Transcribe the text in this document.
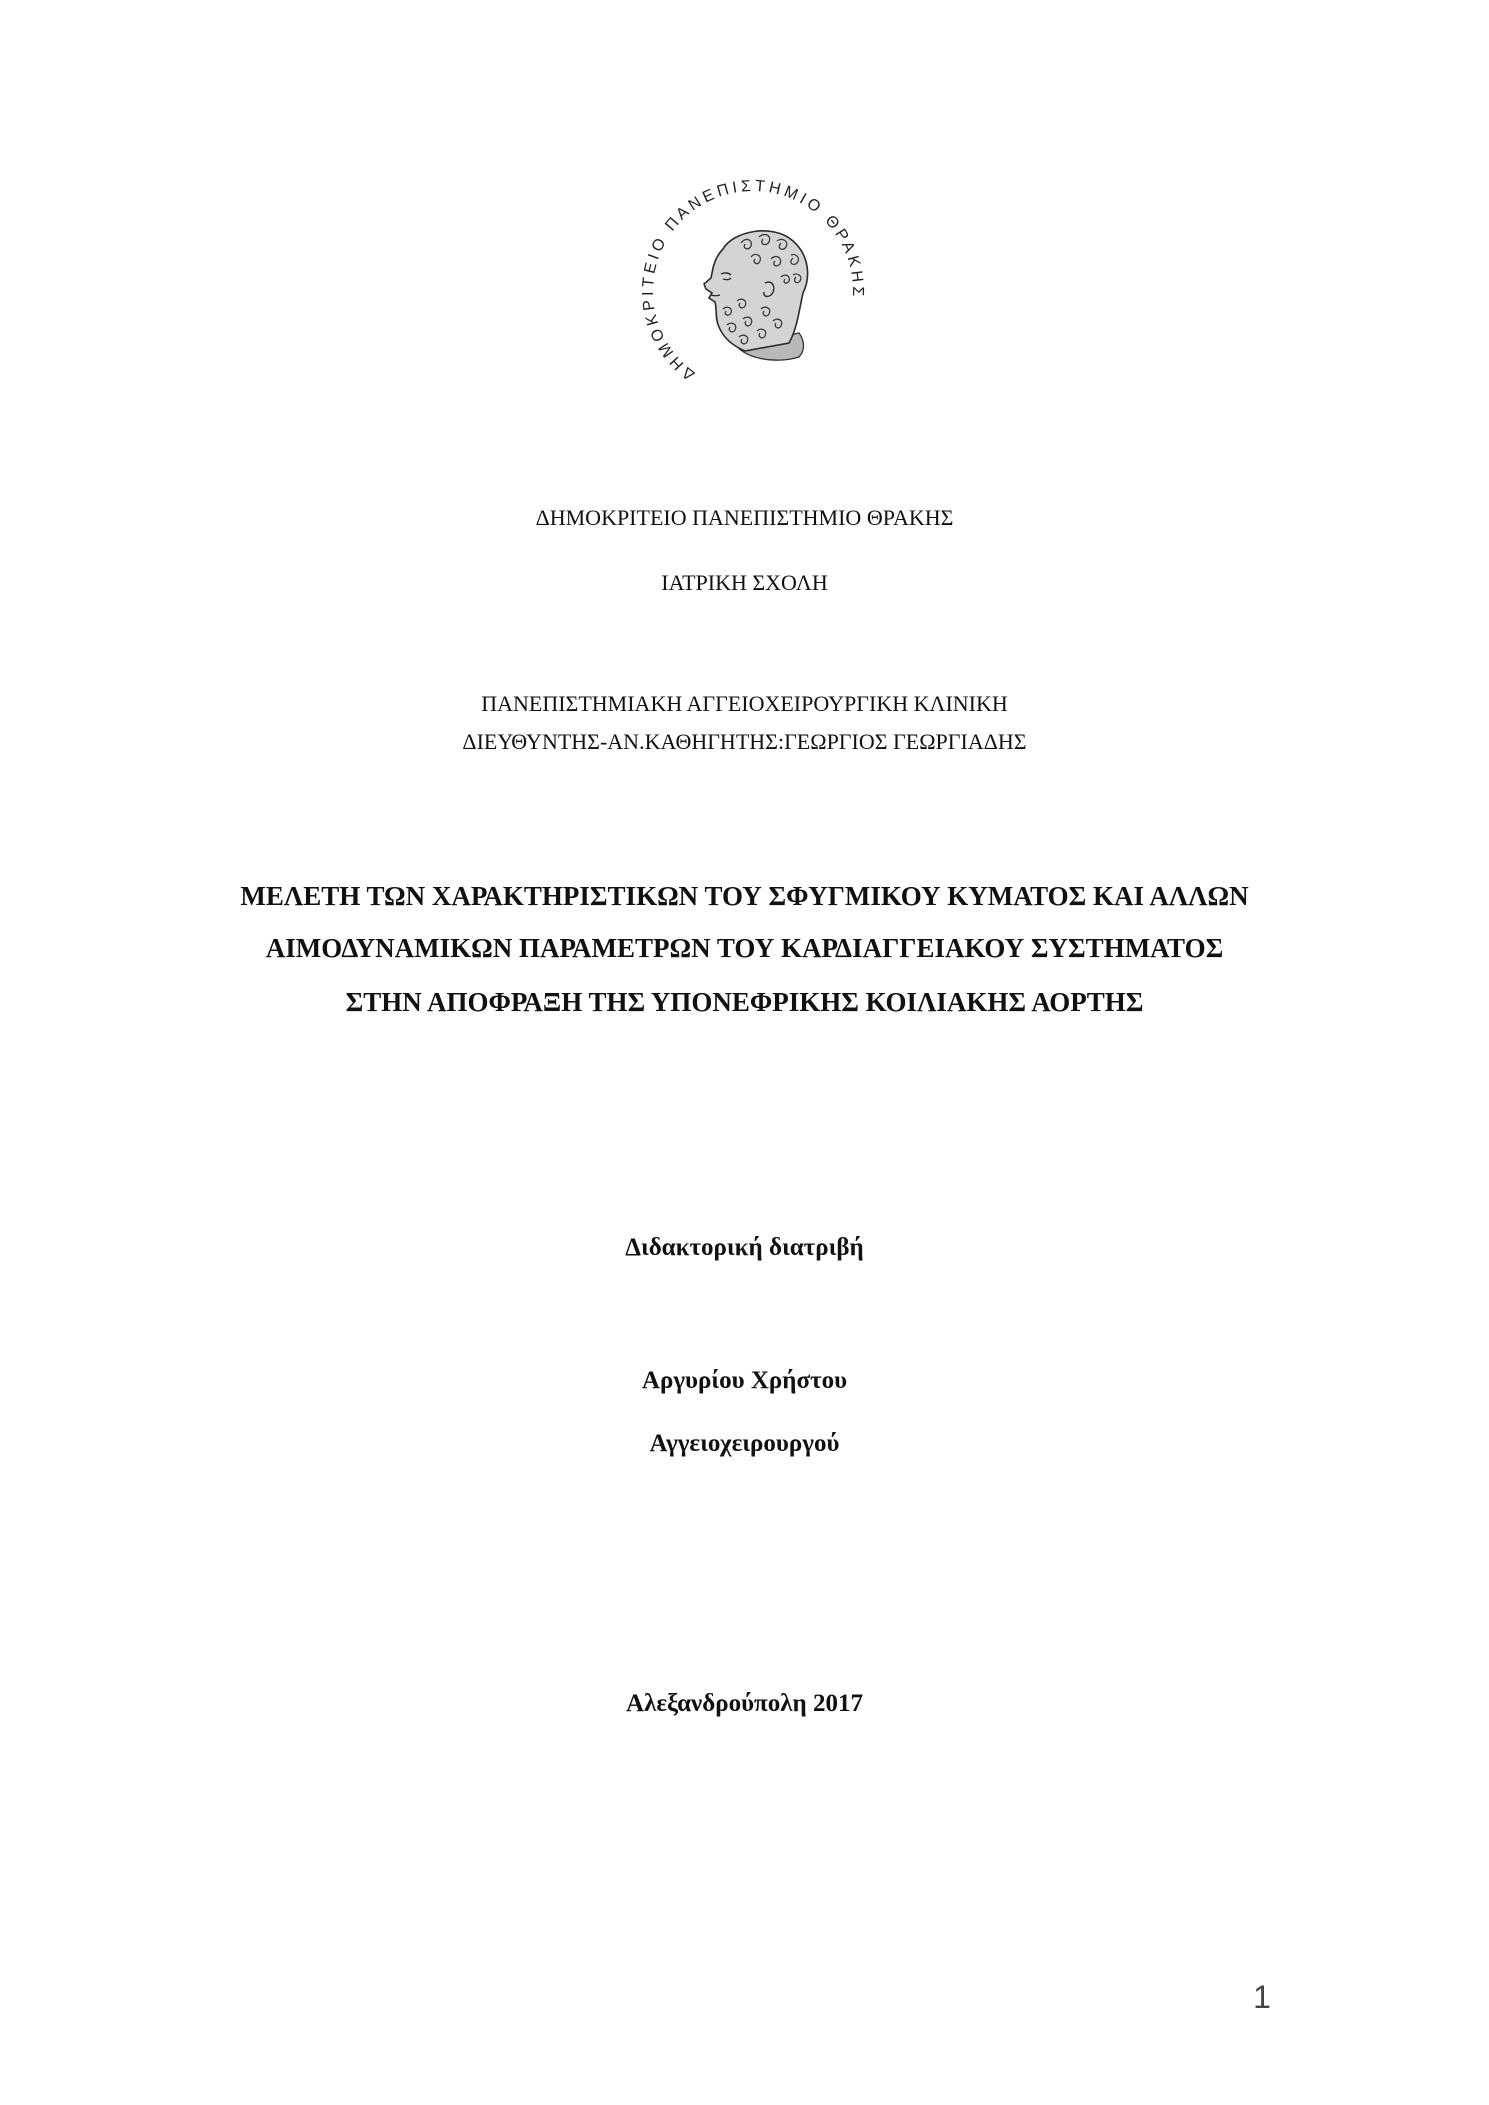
ΔΗΜΟΚΡΙΤΕΙΟ ΠΑΝΕΠΙΣΤΗΜΙΟ ΘΡΑΚΗΣ
ΔΗΜΟΚΡΙΤΕΙΟ ΠΑΝΕΠΙΣΤΗΜΙΟ ΘΡΑΚΗΣ
ΙΑΤΡΙΚΗ ΣΧΟΛΗ
ΠΑΝΕΠΙΣΤΗΜΙΑΚΗ ΑΓΓΕΙΟΧΕΙΡΟΥΡΓΙΚΗ ΚΛΙΝΙΚΗ
ΔΙΕΥΘΥΝΤΗΣ-ΑΝ.ΚΑΘΗΓΗΤΗΣ:ΓΕΩΡΓΙΟΣ ΓΕΩΡΓΙΑΔΗΣ
ΜΕΛΕΤΗ ΤΩΝ ΧΑΡΑΚΤΗΡΙΣΤΙΚΩΝ ΤΟΥ ΣΦΥΓΜΙΚΟΥ ΚΥΜΑΤΟΣ ΚΑΙ ΑΛΛΩΝ
ΑΙΜΟΔΥΝΑΜΙΚΩΝ ΠΑΡΑΜΕΤΡΩΝ ΤΟΥ ΚΑΡΔΙΑΓΓΕΙΑΚΟΥ ΣΥΣΤΗΜΑΤΟΣ
ΣΤΗΝ ΑΠΟΦΡΑΞΗ ΤΗΣ ΥΠΟΝΕΦΡΙΚΗΣ ΚΟΙΛΙΑΚΗΣ ΑΟΡΤΗΣ
Διδακτορική διατριβή
Αργυρίου Χρήστου
Αγγειοχειρουργού
Αλεξανδρούπολη 2017
1
